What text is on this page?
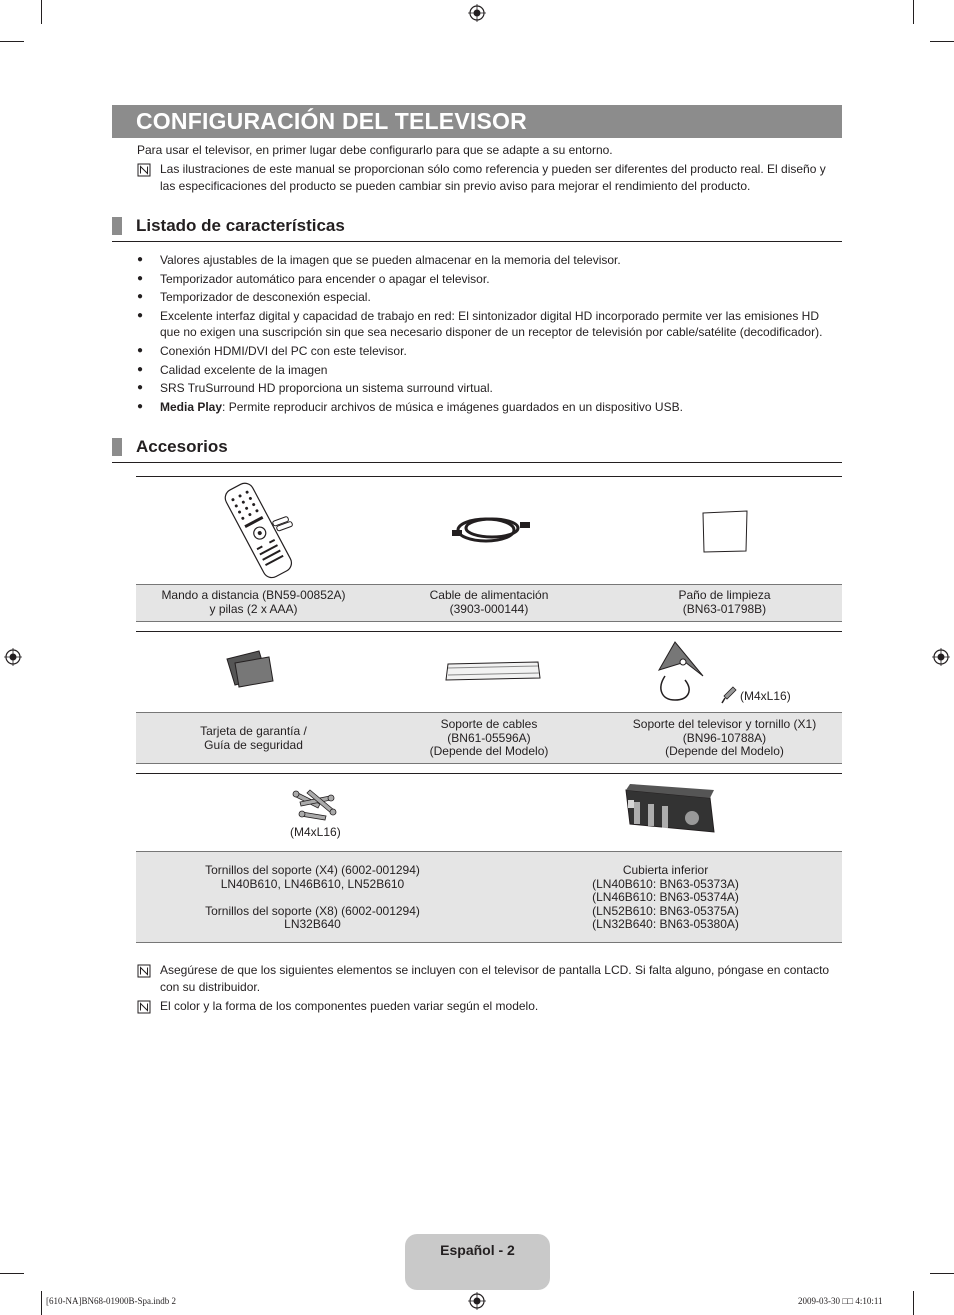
CONFIGURACIÓN DEL TELEVISOR
Para usar el televisor, en primer lugar debe configurarlo para que se adapte a su entorno.
Las ilustraciones de este manual se proporcionan sólo como referencia y pueden ser diferentes del producto real. El diseño y
las especificaciones del producto se pueden cambiar sin previo aviso para mejorar el rendimiento del producto.
Listado de características
● Valores ajustables de la imagen que se pueden almacenar en la memoria del televisor.
● Temporizador automático para encender o apagar el televisor.
● Temporizador de desconexión especial.
● Excelente interfaz digital y capacidad de trabajo en red: El sintonizador digital HD incorporado permite ver las emisiones HD
que no exigen una suscripción sin que sea necesario disponer de un receptor de televisión por cable/satélite (decodificador).
● Conexión HDMI/DVI del PC con este televisor.
● Calidad excelente de la imagen
● SRS TruSurround HD proporciona un sistema surround virtual.
● Media Play: Permite reproducir archivos de música e imágenes guardados en un dispositivo USB.
Accesorios
Mando a distancia (BN59-00852A)
y pilas (2 x AAA)
Cable de alimentación
(3903-000144)
Paño de limpieza
(BN63-01798B)
(M4xL16)
Tarjeta de garantía /
Guía de seguridad
Soporte de cables
(BN61-05596A)
(Depende del Modelo)
Soporte del televisor y tornillo (X1)
(BN96-10788A)
(Depende del Modelo)
(M4xL16)
Tornillos del soporte (X4) (6002-001294)
LN40B610, LN46B610, LN52B610
Tornillos del soporte (X8) (6002-001294)
LN32B640
Cubierta inferior
(LN40B610: BN63-05373A)
(LN46B610: BN63-05374A)
(LN52B610: BN63-05375A)
(LN32B640: BN63-05380A)
Asegúrese de que los siguientes elementos se incluyen con el televisor de pantalla LCD. Si falta alguno, póngase en contacto
con su distribuidor.
El color y la forma de los componentes pueden variar según el modelo.
Español - 2
[610-NA]BN68-01900B-Spa.indb 2	2009-03-30 □□ 4:10:11
